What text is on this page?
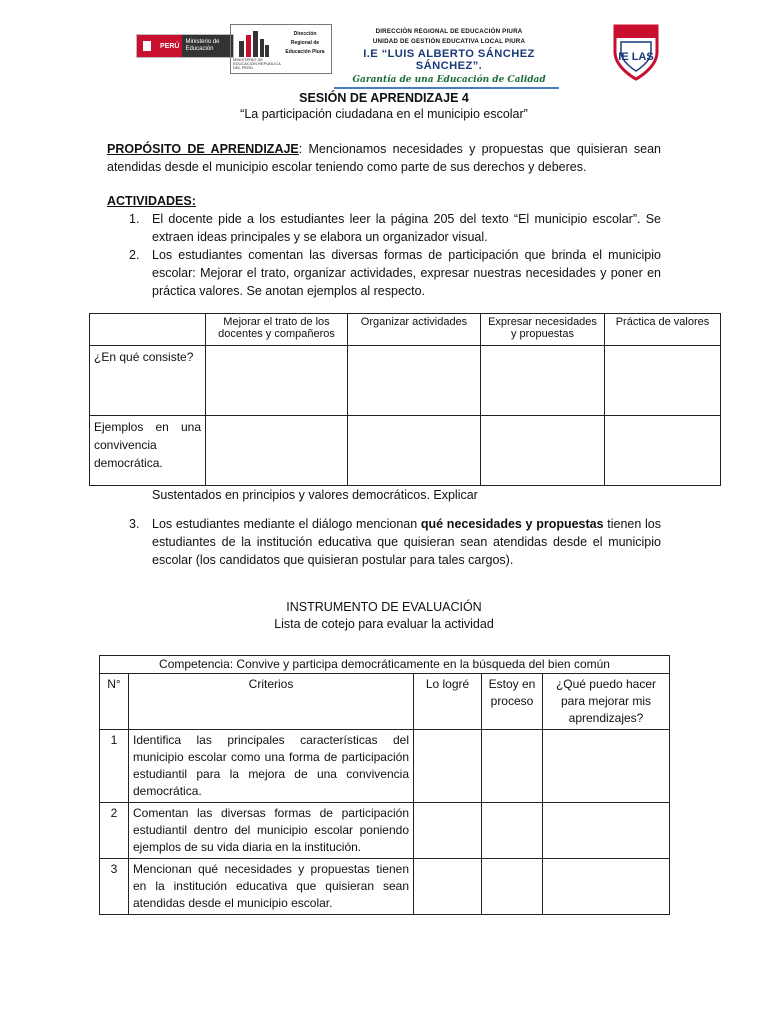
PERÚ
Ministerio de Educación
MINISTERIO DE EDUCACIÓN REPÚBLICA DEL PERÚ
Dirección Regional de Educación Piura
DIRECCIÓN REGIONAL DE EDUCACIÓN PIURA
UNIDAD DE GESTIÓN EDUCATIVA LOCAL PIURA
I.E “LUIS ALBERTO SÁNCHEZ SÁNCHEZ”.
Garantía de una Educación de Calidad
IE LAS
SESIÓN DE APRENDIZAJE 4
“La participación ciudadana en el municipio escolar”
PROPÓSITO DE APRENDIZAJE: Mencionamos necesidades y propuestas que quisieran sean atendidas desde el municipio escolar teniendo como parte de sus derechos y deberes.
ACTIVIDADES:
1. El docente pide a los estudiantes leer la página 205 del texto “El municipio escolar”. Se extraen ideas principales y se elabora un organizador visual.
2. Los estudiantes comentan las diversas formas de participación que brinda el municipio escolar: Mejorar el trato, organizar actividades, expresar nuestras necesidades y poner en práctica valores. Se anotan ejemplos al respecto.
	Mejorar el trato de los docentes y compañeros	Organizar actividades	Expresar necesidades y propuestas	Práctica de valores
¿En qué consiste?				
Ejemplos en una convivencia democrática.				
Sustentados en principios y valores democráticos. Explicar
3. Los estudiantes mediante el diálogo mencionan qué necesidades y propuestas tienen los estudiantes de la institución educativa que quisieran sean atendidas desde el municipio escolar (los candidatos que quisieran postular para tales cargos).
INSTRUMENTO DE EVALUACIÓN
Lista de cotejo para evaluar la actividad
Competencia: Convive y participa democráticamente en la búsqueda del bien común				
N°	Criterios	Lo logré	Estoy en proceso	¿Qué puedo hacer para mejorar mis aprendizajes?
1	Identifica las principales características del municipio escolar como una forma de participación estudiantil para la mejora de una convivencia democrática.			
2	Comentan las diversas formas de participación estudiantil dentro del municipio escolar poniendo ejemplos de su vida diaria en la institución.			
3	Mencionan qué necesidades y propuestas tienen en la institución educativa que quisieran sean atendidas desde el municipio escolar.			
